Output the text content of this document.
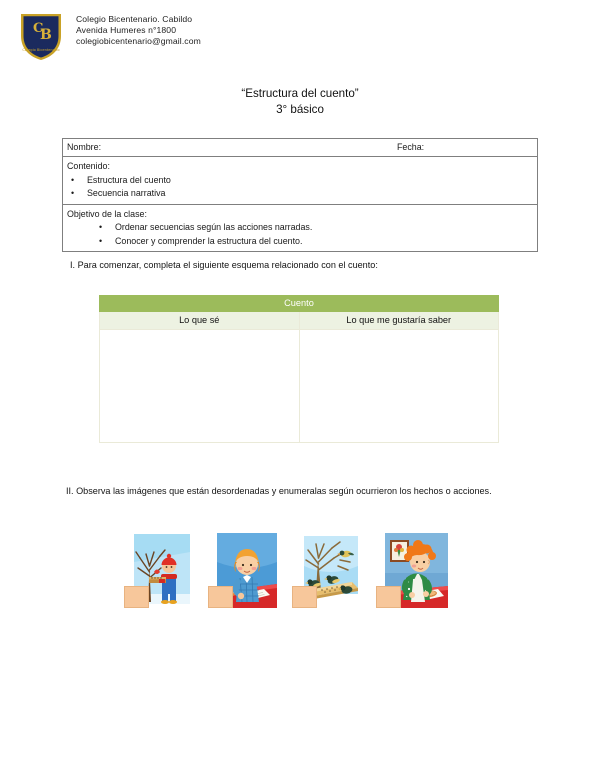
C
B
Colegio Bicentenario
Colegio Bicentenario. Cabildo
Avenida Humeres n°1800
colegiobicentenario@gmail.com
“Estructura del cuento”
3° básico
Nombre:	Fecha:

Contenido:
• Estructura del cuento
• Secuencia narrativa

Objetivo de la clase:
• Ordenar secuencias según las acciones narradas.
• Conocer y comprender la estructura del cuento.
I. Para comenzar, completa el siguiente esquema relacionado con el cuento:
Cuento	
Lo que sé	Lo que me gustaría saber

II. Observa las imágenes que están desordenadas y enumeralas según ocurrieron los hechos o acciones.
